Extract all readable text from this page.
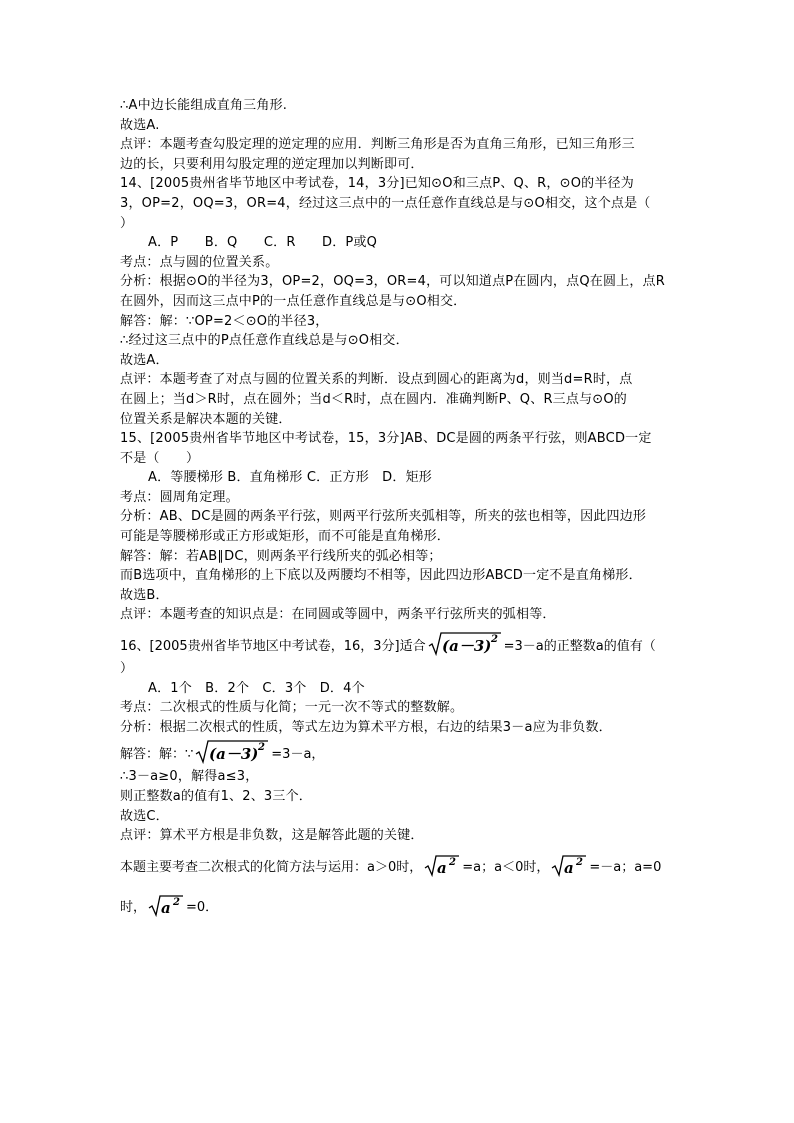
∴A中边长能组成直角三角形.
故选A.
点评：本题考查勾股定理的逆定理的应用．判断三角形是否为直角三角形，已知三角形三
边的长，只要利用勾股定理的逆定理加以判断即可．
14、[2005贵州省毕节地区中考试卷，14，3分]已知⊙O和三点P、Q、R，⊙O的半径为
3，OP=2，OQ=3，OR=4，经过这三点中的一点任意作直线总是与⊙O相交，这个点是（
）
A．P　　B．Q　　C．R　　D．P或Q
考点：点与圆的位置关系。
分析：根据⊙O的半径为3，OP=2，OQ=3，OR=4，可以知道点P在圆内，点Q在圆上，点R
在圆外，因而这三点中P的一点任意作直线总是与⊙O相交．
解答：解：∵OP=2＜⊙O的半径3，
∴经过这三点中的P点任意作直线总是与⊙O相交．
故选A．
点评：本题考查了对点与圆的位置关系的判断．设点到圆心的距离为d，则当d=R时，点
在圆上；当d＞R时，点在圆外；当d＜R时，点在圆内．准确判断P、Q、R三点与⊙O的
位置关系是解决本题的关键．
15、[2005贵州省毕节地区中考试卷，15，3分]AB、DC是圆的两条平行弦，则ABCD一定
不是（　　）
A．等腰梯形 B．直角梯形 C．正方形　D．矩形
考点：圆周角定理。
分析：AB、DC是圆的两条平行弦，则两平行弦所夹弧相等，所夹的弦也相等，因此四边形
可能是等腰梯形或正方形或矩形，而不可能是直角梯形．
解答：解：若AB∥DC，则两条平行线所夹的弧必相等；
而B选项中，直角梯形的上下底以及两腰均不相等，因此四边形ABCD一定不是直角梯形．
故选B．
点评：本题考查的知识点是：在同圆或等圆中，两条平行弦所夹的弧相等．
16、[2005贵州省毕节地区中考试卷，16，3分]适合 (a－3) 2 =3－a的正整数a的值有（
）
A．1个　B．2个　C．3个　D．4个
考点：二次根式的性质与化简；一元一次不等式的整数解。
分析：根据二次根式的性质，等式左边为算术平方根，右边的结果3－a应为非负数．
解答：解：∵ (a－3) 2 =3－a，
∴3－a≥0，解得a≤3，
则正整数a的值有1、2、3三个．
故选C．
点评：算术平方根是非负数，这是解答此题的关键．
本题主要考查二次根式的化简方法与运用：a＞0时， a 2 =a；a＜0时， a 2 =－a；a=0
时， a 2 =0．
